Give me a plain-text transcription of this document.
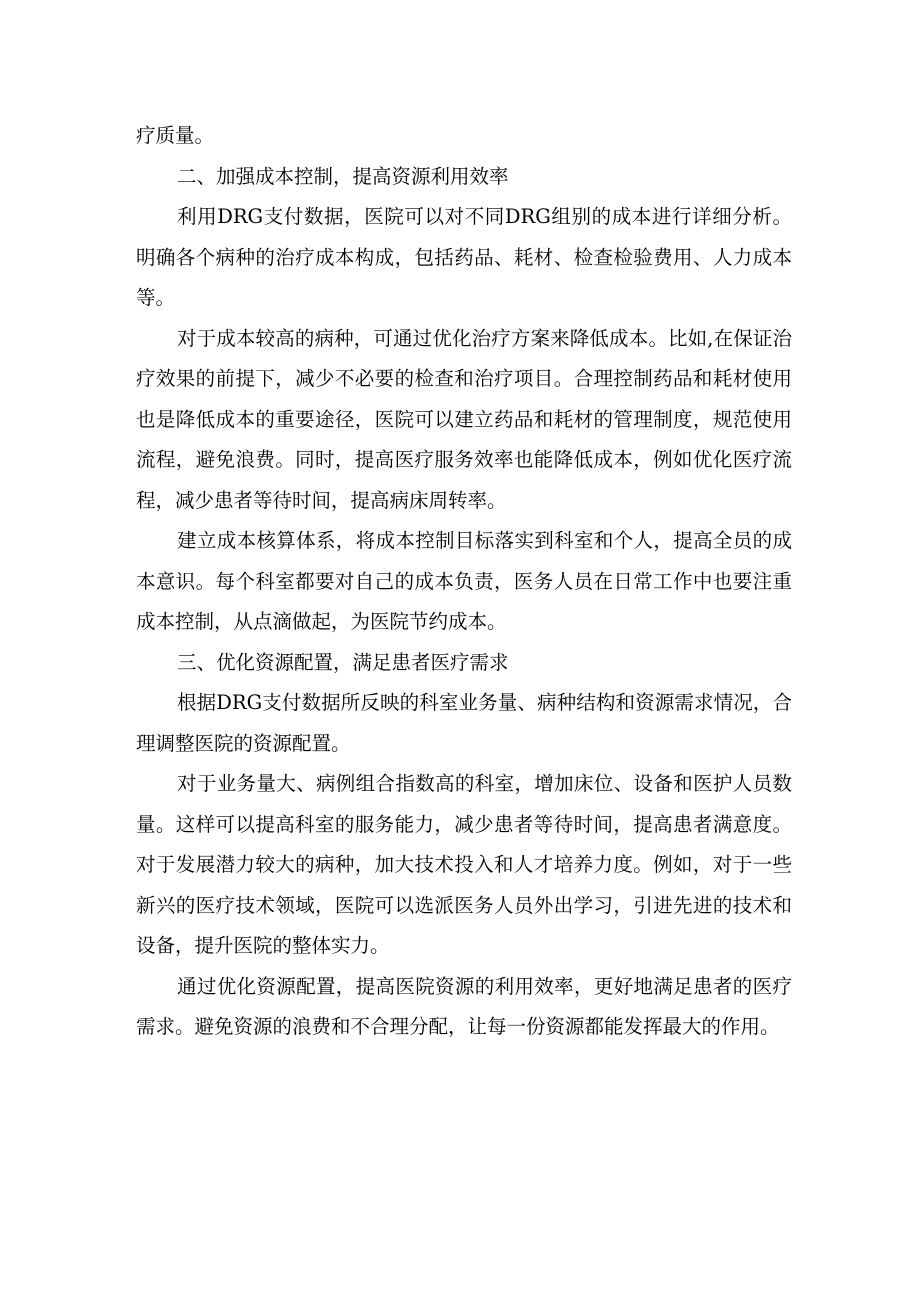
疗质量。

二、加强成本控制，提高资源利用效率

利用DRG支付数据，医院可以对不同DRG组别的成本进行详细分析。明确各个病种的治疗成本构成，包括药品、耗材、检查检验费用、人力成本等。

对于成本较高的病种，可通过优化治疗方案来降低成本。比如,在保证治疗效果的前提下，减少不必要的检查和治疗项目。合理控制药品和耗材使用也是降低成本的重要途径，医院可以建立药品和耗材的管理制度，规范使用流程，避免浪费。同时，提高医疗服务效率也能降低成本，例如优化医疗流程，减少患者等待时间，提高病床周转率。

建立成本核算体系，将成本控制目标落实到科室和个人，提高全员的成本意识。每个科室都要对自己的成本负责，医务人员在日常工作中也要注重成本控制，从点滴做起，为医院节约成本。

三、优化资源配置，满足患者医疗需求

根据DRG支付数据所反映的科室业务量、病种结构和资源需求情况，合理调整医院的资源配置。

对于业务量大、病例组合指数高的科室，增加床位、设备和医护人员数量。这样可以提高科室的服务能力，减少患者等待时间，提高患者满意度。对于发展潜力较大的病种，加大技术投入和人才培养力度。例如，对于一些新兴的医疗技术领域，医院可以选派医务人员外出学习，引进先进的技术和设备，提升医院的整体实力。

通过优化资源配置，提高医院资源的利用效率，更好地满足患者的医疗需求。避免资源的浪费和不合理分配，让每一份资源都能发挥最大的作用。
